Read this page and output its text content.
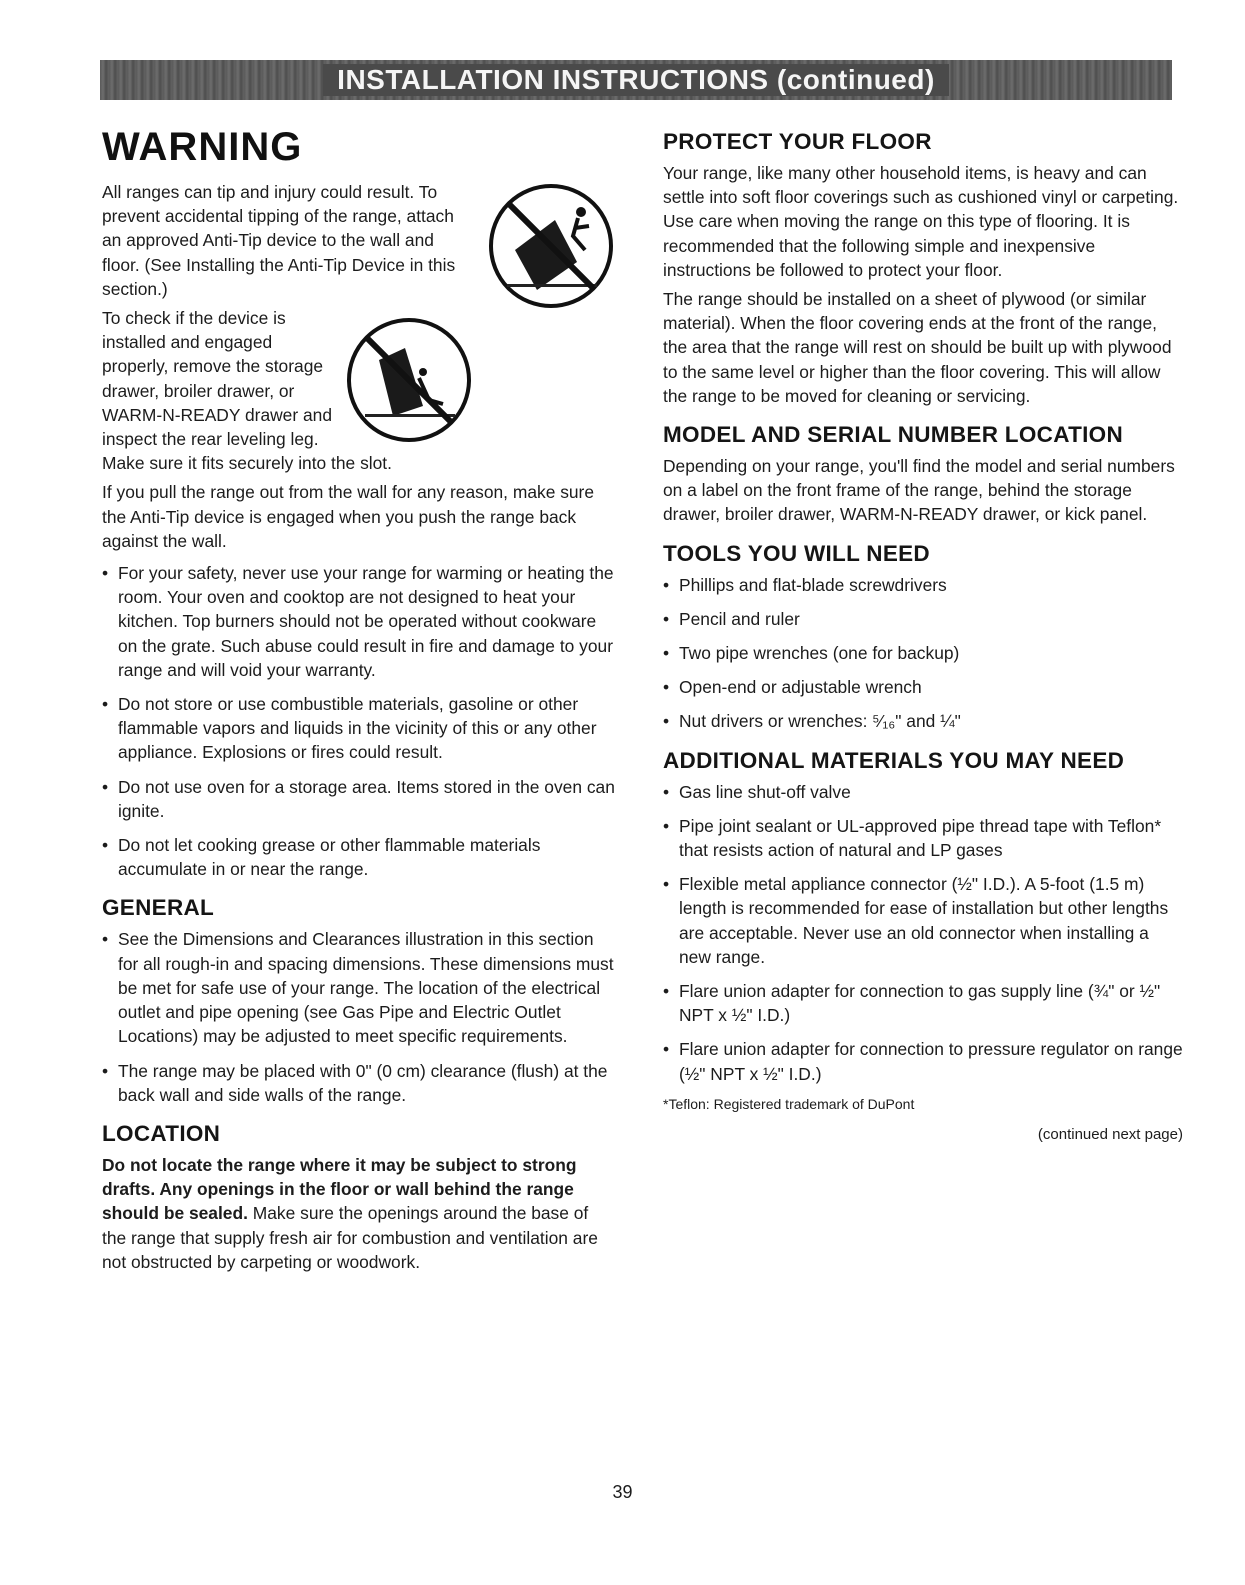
INSTALLATION INSTRUCTIONS (continued)
WARNING

All ranges can tip and injury could result. To prevent accidental tipping of the range, attach an approved Anti-Tip device to the wall and floor. (See Installing the Anti-Tip Device in this section.)

To check if the device is installed and engaged properly, remove the storage drawer, broiler drawer, or WARM-N-READY drawer and inspect the rear leveling leg. Make sure it fits securely into the slot.

If you pull the range out from the wall for any reason, make sure the Anti-Tip device is engaged when you push the range back against the wall.

• For your safety, never use your range for warming or heating the room. Your oven and cooktop are not designed to heat your kitchen. Top burners should not be operated without cookware on the grate. Such abuse could result in fire and damage to your range and will void your warranty.
• Do not store or use combustible materials, gasoline or other flammable vapors and liquids in the vicinity of this or any other appliance. Explosions or fires could result.
• Do not use oven for a storage area. Items stored in the oven can ignite.
• Do not let cooking grease or other flammable materials accumulate in or near the range.
GENERAL
• See the Dimensions and Clearances illustration in this section for all rough-in and spacing dimensions. These dimensions must be met for safe use of your range. The location of the electrical outlet and pipe opening (see Gas Pipe and Electric Outlet Locations) may be adjusted to meet specific requirements.
• The range may be placed with 0" (0 cm) clearance (flush) at the back wall and side walls of the range.
LOCATION

Do not locate the range where it may be subject to strong drafts. Any openings in the floor or wall behind the range should be sealed. Make sure the openings around the base of the range that supply fresh air for combustion and ventilation are not obstructed by carpeting or woodwork.

PROTECT YOUR FLOOR

Your range, like many other household items, is heavy and can settle into soft floor coverings such as cushioned vinyl or carpeting. Use care when moving the range on this type of flooring. It is recommended that the following simple and inexpensive instructions be followed to protect your floor.

The range should be installed on a sheet of plywood (or similar material). When the floor covering ends at the front of the range, the area that the range will rest on should be built up with plywood to the same level or higher than the floor covering. This will allow the range to be moved for cleaning or servicing.

MODEL AND SERIAL NUMBER LOCATION

Depending on your range, you'll find the model and serial numbers on a label on the front frame of the range, behind the storage drawer, broiler drawer, WARM-N-READY drawer, or kick panel.

TOOLS YOU WILL NEED
• Phillips and flat-blade screwdrivers
• Pencil and ruler
• Two pipe wrenches (one for backup)
• Open-end or adjustable wrench
• Nut drivers or wrenches: ⁵⁄₁₆" and ¼"
ADDITIONAL MATERIALS YOU MAY NEED
• Gas line shut-off valve
• Pipe joint sealant or UL-approved pipe thread tape with Teflon* that resists action of natural and LP gases
• Flexible metal appliance connector (½" I.D.). A 5-foot (1.5 m) length is recommended for ease of installation but other lengths are acceptable. Never use an old connector when installing a new range.
• Flare union adapter for connection to gas supply line (¾" or ½" NPT x ½" I.D.)
• Flare union adapter for connection to pressure regulator on range (½" NPT x ½" I.D.)
*Teflon: Registered trademark of DuPont
(continued next page)
39
